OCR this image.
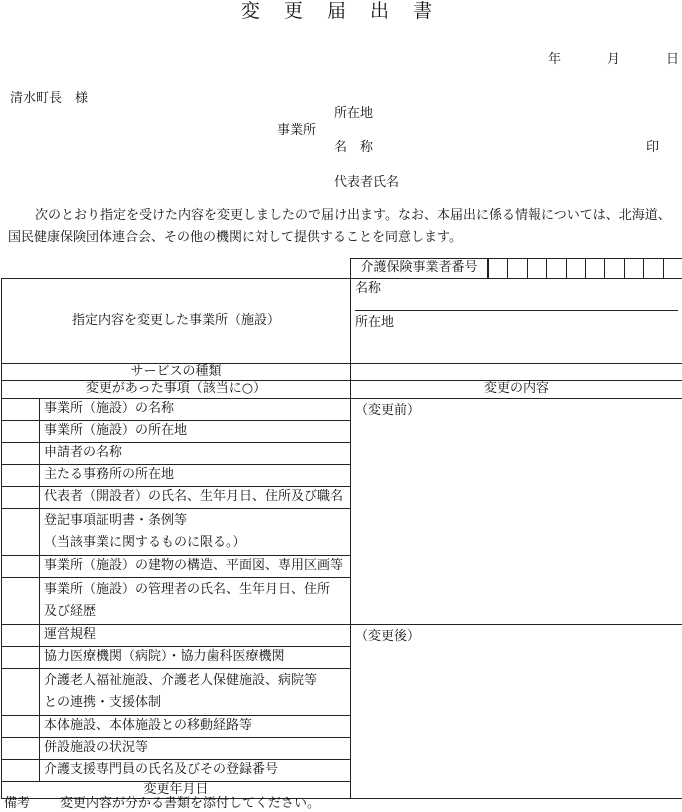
変 更 届 出 書
年	月	日
清水町長　様
所在地
事業所
名　称	印
代表者氏名
次のとおり指定を受けた内容を変更しましたので届け出ます。なお、本届出に係る情報については、北海道、国民健康保険団体連合会、その他の機関に対して提供することを同意します。
		介護保険事業者番号		

指定内容を変更した事業所（施設）		名称
所在地		

サービスの種類				
変更があった事項（該当に○）		変更の内容		
	事業所（施設）の名称	（変更前）		
	事業所（施設）の所在地			
	申請者の名称			
	主たる事務所の所在地			
	代表者（開設者）の氏名、生年月日、住所及び職名			

	登記事項証明書・条例等
（当該事業に関するものに限る。）			

	事業所（施設）の建物の構造、平面図、専用区画等			

	事業所（施設）の管理者の氏名、生年月日、住所
及び経歴			

	運営規程	（変更後）		
	協力医療機関（病院）・協力歯科医療機関			

	介護老人福祉施設、介護老人保健施設、病院等
との連携・支援体制			

	本体施設、本体施設との移動経路等			
	併設施設の状況等			
	介護支援専門員の氏名及びその登録番号			
変更年月日	
備考 変更内容が分かる書類を添付してください。
